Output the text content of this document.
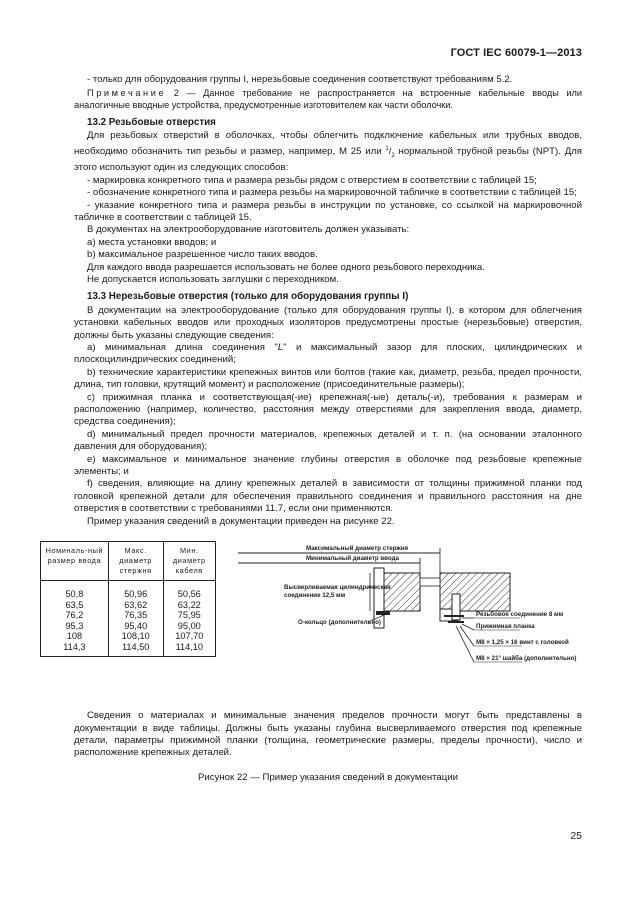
ГОСТ IEC 60079-1—2013

- только для оборудования группы I, нерезьбовые соединения соответствуют требованиям 5.2.

Примечание 2 — Данное требование не распространяется на встроенные кабельные вводы или аналогичные вводные устройства, предусмотренные изготовителем как части оболочки.

13.2 Резьбовые отверстия

Для резьбовых отверстий в оболочках, чтобы облегчить подключение кабельных или трубных вводов, необходимо обозначить тип резьбы и размер, например, M 25 или $^1/_2$ нормальной трубной резьбы (NPT). Для этого используют один из следующих способов:

- маркировка конкретного типа и размера резьбы рядом с отверстием в соответствии с таблицей 15;

- обозначение конкретного типа и размера резьбы на маркировочной табличке в соответствии с таблицей 15;

- указание конкретного типа и размера резьбы в инструкции по установке, со ссылкой на маркировочной табличке в соответствии с таблицей 15.

В документах на электрооборудование изготовитель должен указывать:

a) места установки вводов; и

b) максимальное разрешенное число таких вводов.

Для каждого ввода разрешается использовать не более одного резьбового переходника.

Не допускается использовать заглушки с переходником.

13.3 Нерезьбовые отверстия (только для оборудования группы I)

В документации на электрооборудование (только для оборудования группы I), в котором для облегчения установки кабельных вводов или проходных изоляторов предусмотрены простые (нерезьбовые) отверстия, должны быть указаны следующие сведения:

a) минимальная длина соединения "L" и максимальный зазор для плоских, цилиндрических и плоскоцилиндрических соединений;

b) технические характеристики крепежных винтов или болтов (такие как, диаметр, резьба, предел прочности, длина, тип головки, крутящий момент) и расположение (присоединительные размеры);

c) прижимная планка и соответствующая(-ие) крепежная(-ые) деталь(-и), требования к размерам и расположению (например, количество, расстояния между отверстиями для закрепления ввода, диаметр, средства соединения);

d) минимальный предел прочности материалов, крепежных деталей и т. п. (на основании эталонного давления для оборудования);

e) максимальное и минимальное значение глубины отверстия в оболочке под резьбовые крепежные элементы; и

f) сведения, влияющие на длину крепежных деталей в зависимости от толщины прижимной планки под головкой крепежной детали для обеспечения правильного соединения и правильного расстояния на дне отверстия в соответствии с требованиями 11.7, если они применяются.

Пример указания сведений в документации приведен на рисунке 22.

Номиналь-ный размер ввода	Макс. диаметр стержня	Мин. диаметр кабеля
50,8	50,96	50,56
63,5	63,62	63,22
76,2	76,35	75,95
95,3	95,40	95,00
108	108,10	107,70
114,3	114,50	114,10
Максимальный диаметр стержня
Минимальный диаметр ввода
Высверливаемая цилиндрическая
соединение 12,5 мм
О-кольцо (дополнительно)
Резьбовое соединение 8 мм
Прижимная планка
M8 × 1,25 × 16 винт с головкой
M8 × 21° шайба (дополнительно)

Сведения о материалах и минимальные значения пределов прочности могут быть представлены в документации в виде таблицы. Должны быть указаны глубина высверливаемого отверстия под крепежные детали, параметры прижимной планки (толщина, геометрические размеры, пределы прочности), число и расположение крепежных деталей.

Рисунок 22 — Пример указания сведений в документации

25
